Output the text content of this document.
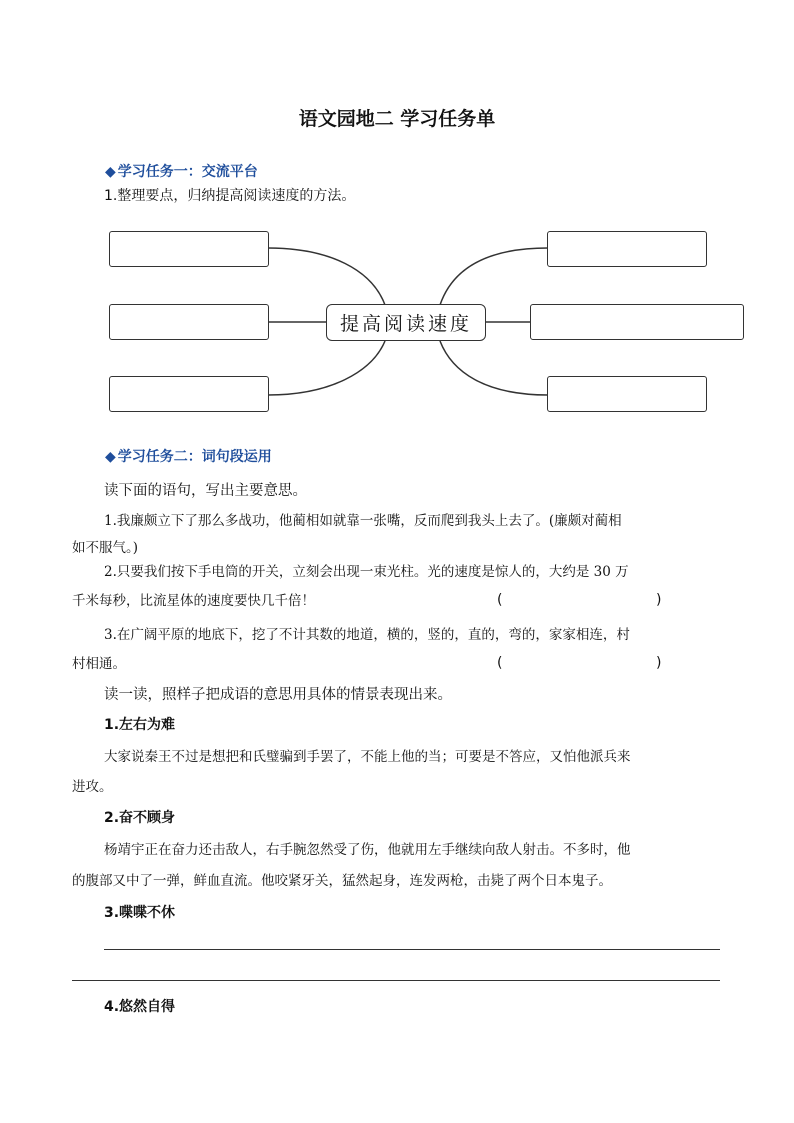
语文园地二 学习任务单
◆ 学习任务一：交流平台
1.整理要点，归纳提高阅读速度的方法。
提高阅读速度
◆ 学习任务二：词句段运用
读下面的语句，写出主要意思。
1.我廉颇立下了那么多战功，他蔺相如就靠一张嘴，反而爬到我头上去了。(廉颇对蔺相
如不服气。)
2.只要我们按下手电筒的开关，立刻会出现一束光柱。光的速度是惊人的，大约是 30 万
千米每秒，比流星体的速度要快几千倍！	(	)
3.在广阔平原的地底下，挖了不计其数的地道，横的，竖的，直的，弯的，家家相连，村
村相通。	(	)
读一读，照样子把成语的意思用具体的情景表现出来。
1.左右为难
大家说秦王不过是想把和氏璧骗到手罢了，不能上他的当；可要是不答应，又怕他派兵来
进攻。
2.奋不顾身
杨靖宇正在奋力还击敌人，右手腕忽然受了伤，他就用左手继续向敌人射击。不多时，他
的腹部又中了一弹，鲜血直流。他咬紧牙关，猛然起身，连发两枪，击毙了两个日本鬼子。
3.喋喋不休
4.悠然自得
